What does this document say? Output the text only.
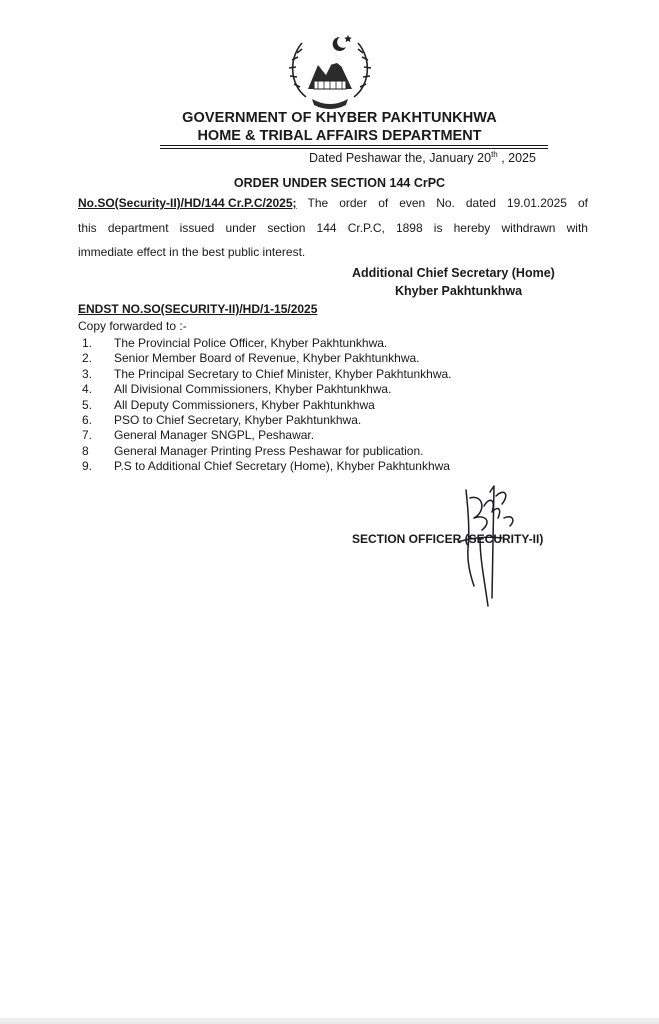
GOVERNMENT OF KHYBER PAKHTUNKHWA
HOME & TRIBAL AFFAIRS DEPARTMENT
Dated Peshawar the, January 20th , 2025
ORDER UNDER SECTION 144 CrPC
No.SO(Security-II)/HD/144 Cr.P.C/2025; The order of even No. dated 19.01.2025 of
this department issued under section 144 Cr.P.C, 1898 is hereby withdrawn with
immediate effect in the best public interest.
Additional Chief Secretary (Home)
Khyber Pakhtunkhwa
ENDST NO.SO(SECURITY-II)/HD/1-15/2025
Copy forwarded to :-
1. The Provincial Police Officer, Khyber Pakhtunkhwa.
2. Senior Member Board of Revenue, Khyber Pakhtunkhwa.
3. The Principal Secretary to Chief Minister, Khyber Pakhtunkhwa.
4. All Divisional Commissioners, Khyber Pakhtunkhwa.
5. All Deputy Commissioners, Khyber Pakhtunkhwa
6. PSO to Chief Secretary, Khyber Pakhtunkhwa.
7. General Manager SNGPL, Peshawar.
8 General Manager Printing Press Peshawar for publication.
9. P.S to Additional Chief Secretary (Home), Khyber Pakhtunkhwa
SECTION OFFICER (SECURITY-II)
